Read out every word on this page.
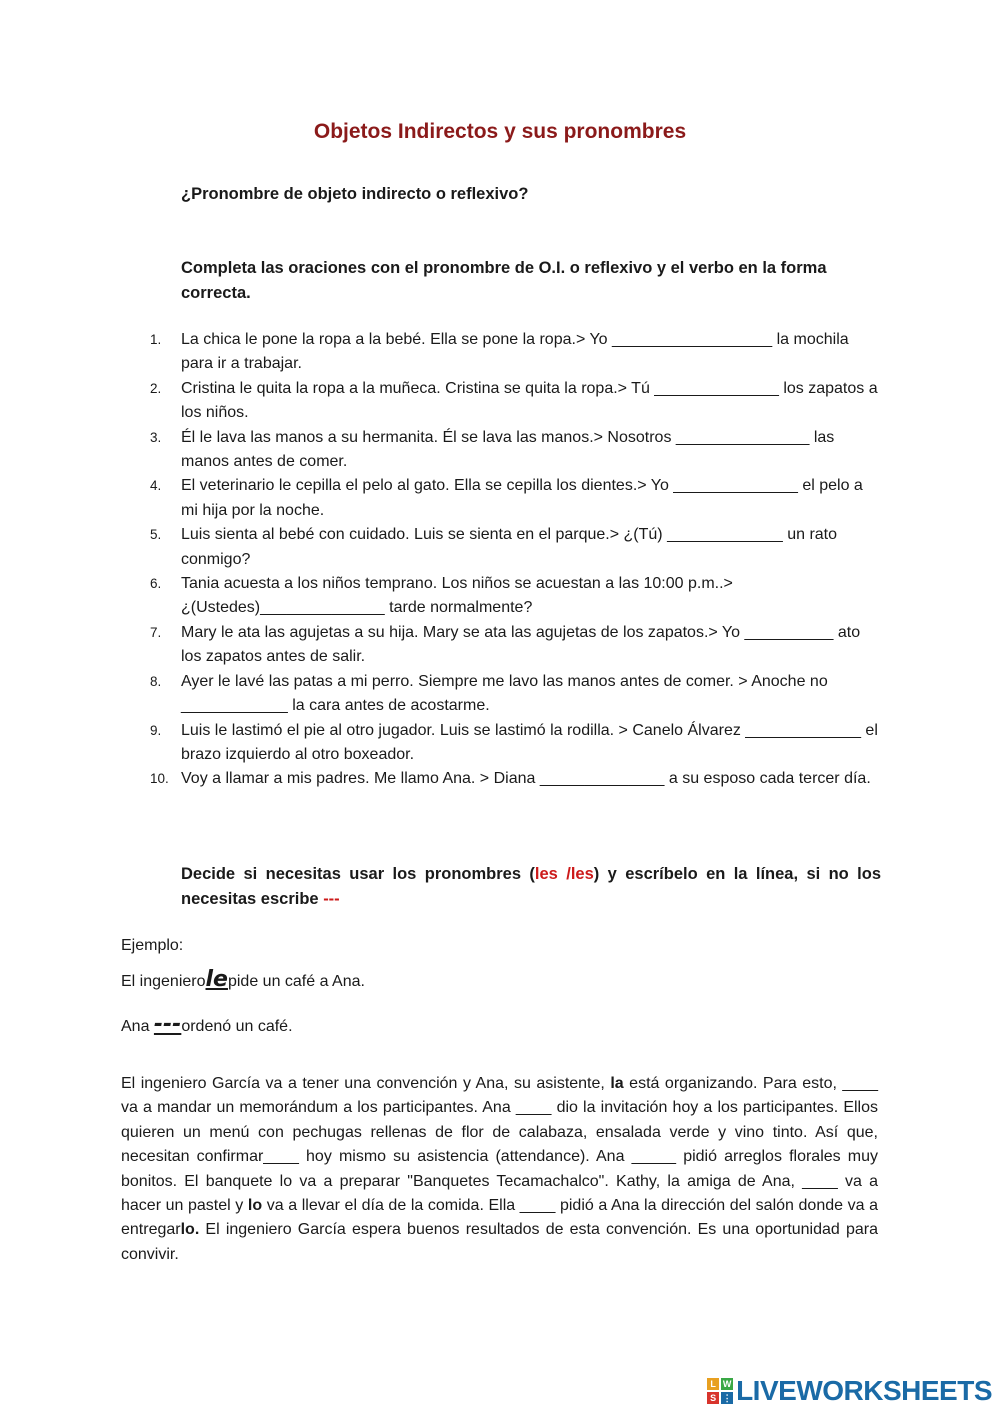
Objetos Indirectos y sus pronombres
¿Pronombre de objeto indirecto o reflexivo?
Completa las oraciones con el pronombre de O.I. o reflexivo y el verbo en la forma correcta.
1. La chica le pone la ropa a la bebé. Ella se pone la ropa.> Yo __________________ la mochila para ir a trabajar.
2. Cristina le quita la ropa a la muñeca. Cristina se quita la ropa.> Tú ______________ los zapatos a los niños.
3. Él le lava las manos a su hermanita. Él se lava las manos.> Nosotros _______________ las manos antes de comer.
4. El veterinario le cepilla el pelo al gato. Ella se cepilla los dientes.> Yo ______________ el pelo a mi hija por la noche.
5. Luis sienta al bebé con cuidado. Luis se sienta en el parque.> ¿(Tú) _____________ un rato conmigo?
6. Tania acuesta a los niños temprano. Los niños se acuestan a las 10:00 p.m..> ¿(Ustedes)______________ tarde normalmente?
7. Mary le ata las agujetas a su hija. Mary se ata las agujetas de los zapatos.> Yo __________ ato los zapatos antes de salir.
8. Ayer le lavé las patas a mi perro. Siempre me lavo las manos antes de comer. > Anoche no ____________ la cara antes de acostarme.
9. Luis le lastimó el pie al otro jugador. Luis se lastimó la rodilla. > Canelo Álvarez _____________ el brazo izquierdo al otro boxeador.
10. Voy a llamar a mis padres. Me llamo Ana. > Diana ______________ a su esposo cada tercer día.
Decide si necesitas usar los pronombres (les /les) y escríbelo en la línea, si no los necesitas escribe ---
Ejemplo:
El ingenierolepide un café a Ana.
Ana ---ordenó un café.

El ingeniero García va a tener una convención y Ana, su asistente, la está organizando. Para esto, ____ va a mandar un memorándum a los participantes. Ana ____ dio la invitación hoy a los participantes. Ellos quieren un menú con pechugas rellenas de flor de calabaza, ensalada verde y vino tinto. Así que, necesitan confirmar____ hoy mismo su asistencia (attendance). Ana _____ pidió arreglos florales muy bonitos. El banquete lo va a preparar "Banquetes Tecamachalco". Kathy, la amiga de Ana, ____ va a hacer un pastel y lo va a llevar el día de la comida. Ella ____ pidió a Ana la dirección del salón donde va a entregarlo. El ingeniero García espera buenos resultados de esta convención. Es una oportunidad para convivir.

L W
S ⋮ LIVEWORKSHEETS
